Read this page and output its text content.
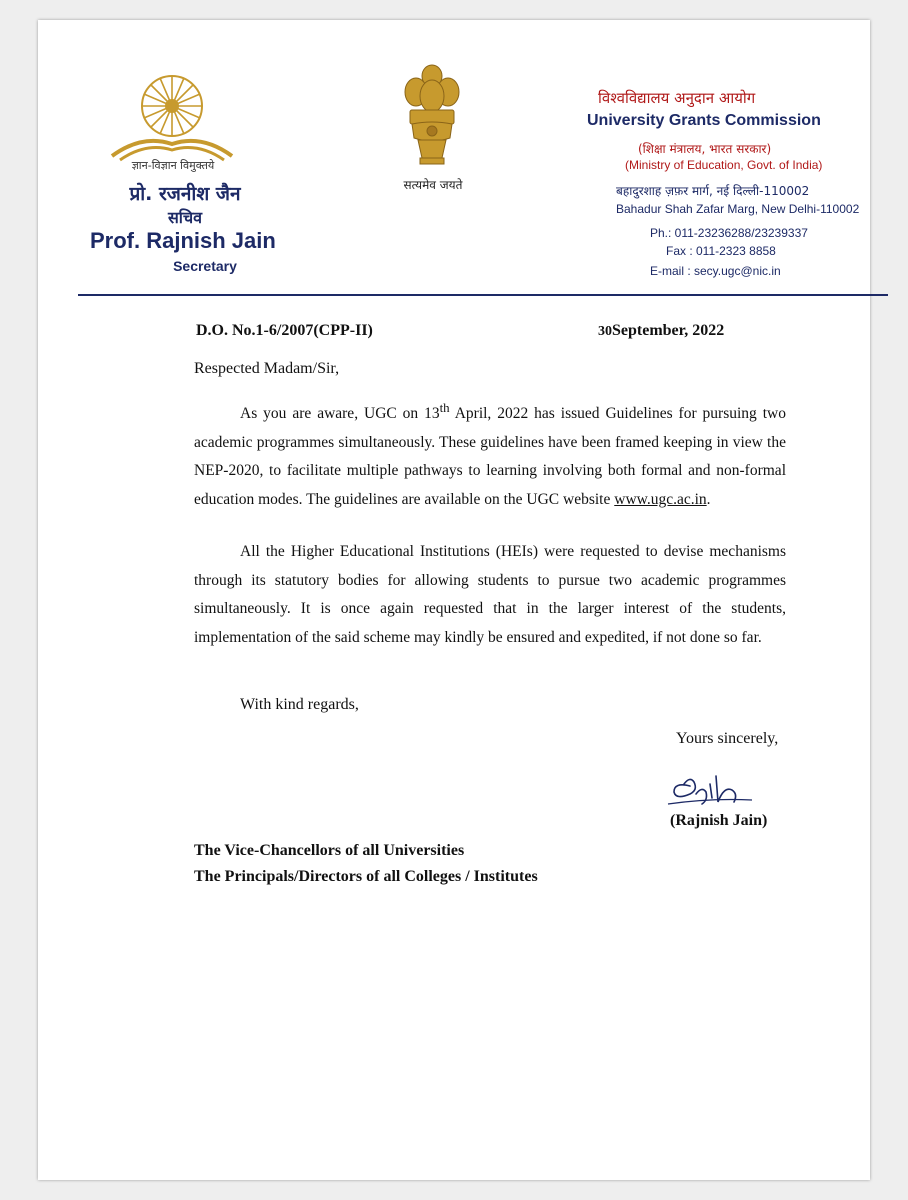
ज्ञान-विज्ञान विमुक्तये
प्रो. रजनीश जैन
सचिव
Prof. Rajnish Jain
Secretary
सत्यमेव जयते
विश्वविद्यालय अनुदान आयोग
University Grants Commission
(शिक्षा मंत्रालय, भारत सरकार)
(Ministry of Education, Govt. of India)
बहादुरशाह ज़फ़र मार्ग, नई दिल्ली-110002
Bahadur Shah Zafar Marg, New Delhi-110002
Ph.: 011-23236288/23239337
Fax : 011-2323 8858
E-mail : secy.ugc@nic.in
D.O. No.1-6/2007(CPP-II)	30September, 2022
Respected Madam/Sir,

As you are aware, UGC on 13th April, 2022 has issued Guidelines for pursuing two academic programmes simultaneously. These guidelines have been framed keeping in view the NEP-2020, to facilitate multiple pathways to learning involving both formal and non-formal education modes. The guidelines are available on the UGC website www.ugc.ac.in.

All the Higher Educational Institutions (HEIs) were requested to devise mechanisms through its statutory bodies for allowing students to pursue two academic programmes simultaneously. It is once again requested that in the larger interest of the students, implementation of the said scheme may kindly be ensured and expedited, if not done so far.

With kind regards,
Yours sincerely,
(Rajnish Jain)
The Vice-Chancellors of all Universities
The Principals/Directors of all Colleges / Institutes
